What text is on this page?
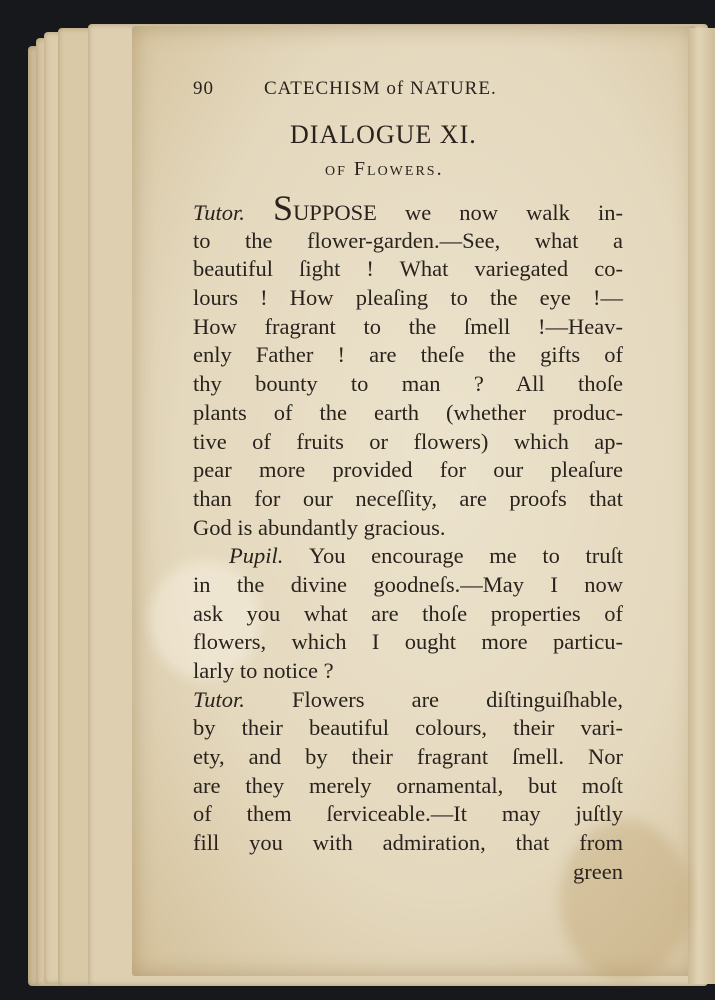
90	CATECHISM of NATURE.
DIALOGUE XI.
of Flowers.
Tutor. SUPPOSE we now walk in-
to the flower-garden.—See, what a
beautiful ſight ! What variegated co-
lours ! How pleaſing to the eye !—
How fragrant to the ſmell !—Heav-
enly Father ! are theſe the gifts of
thy bounty to man ? All thoſe
plants of the earth (whether produc-
tive of fruits or flowers) which ap-
pear more provided for our pleaſure
than for our neceſſity, are proofs that
God is abundantly gracious.
Pupil. You encourage me to truſt
in the divine goodneſs.—May I now
ask you what are thoſe properties of
flowers, which I ought more particu-
larly to notice ?
Tutor. Flowers are diſtinguiſhable,
by their beautiful colours, their vari-
ety, and by their fragrant ſmell. Nor
are they merely ornamental, but moſt
of them ſerviceable.—It may juſtly
fill you with admiration, that from
green
